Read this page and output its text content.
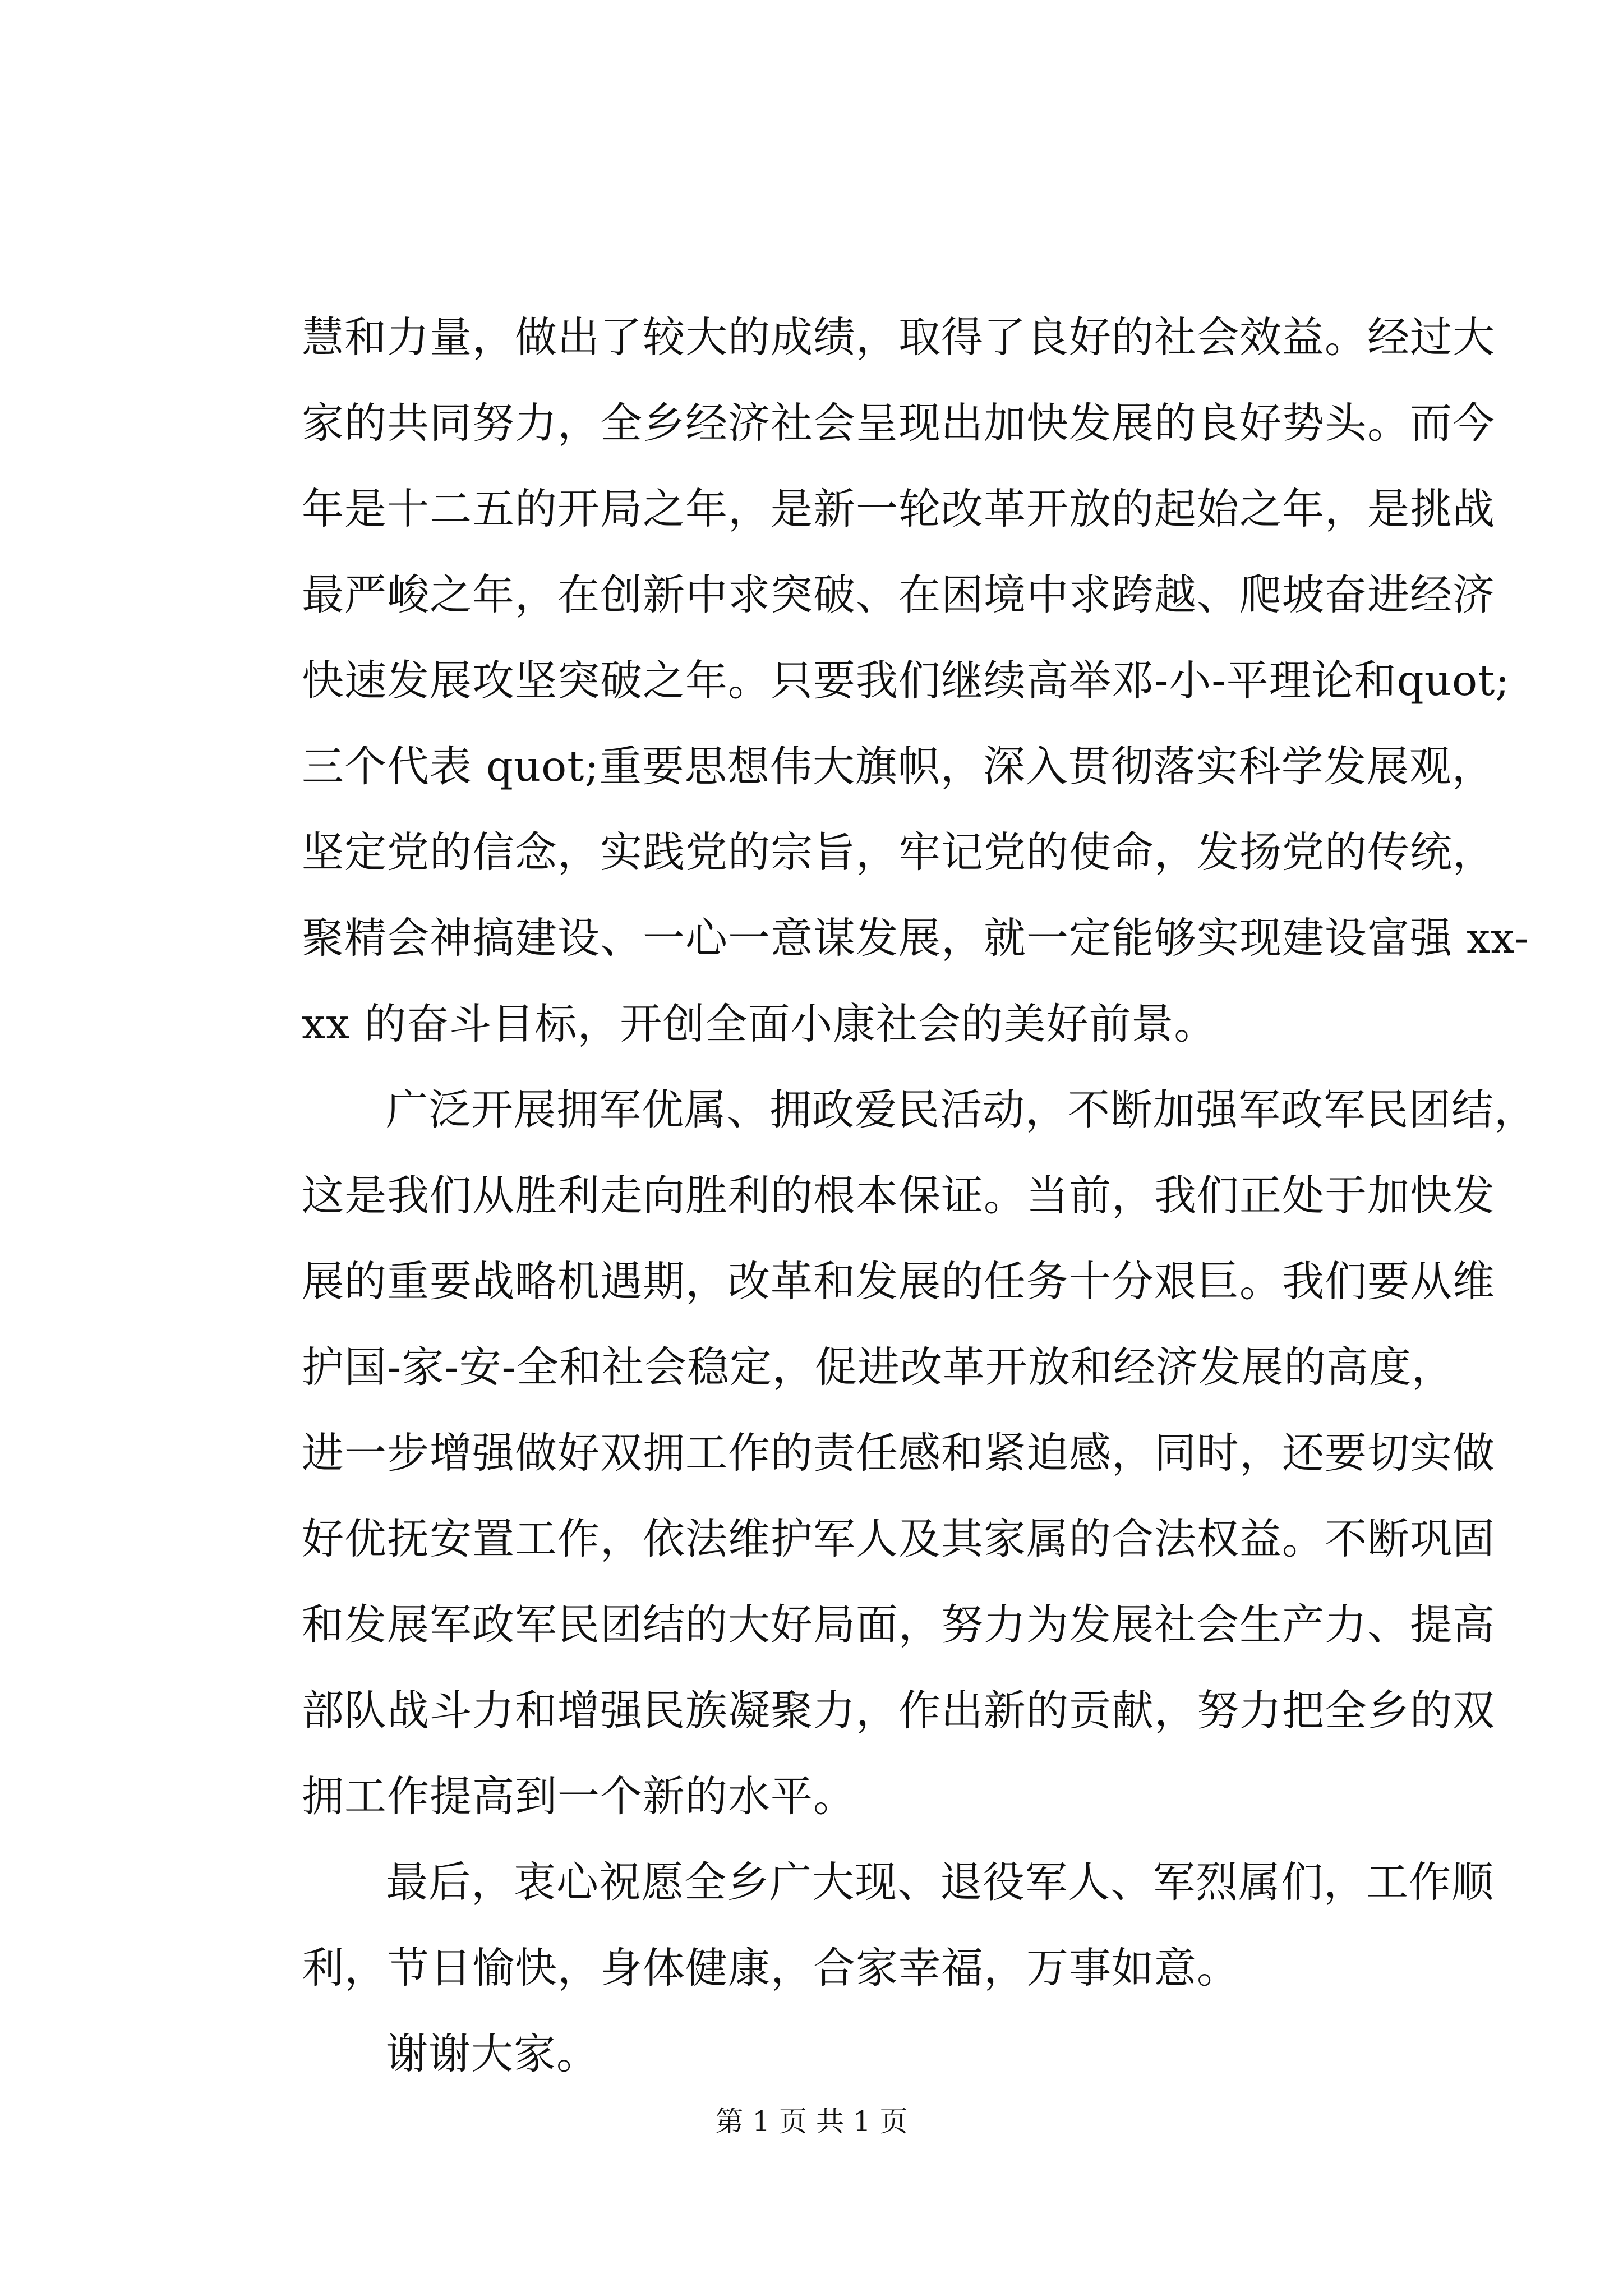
慧和力量，做出了较大的成绩，取得了良好的社会效益。经过大
家的共同努力，全乡经济社会呈现出加快发展的良好势头。而今
年是十二五的开局之年，是新一轮改革开放的起始之年，是挑战
最严峻之年，在创新中求突破、在困境中求跨越、爬坡奋进经济
快速发展攻坚突破之年。只要我们继续高举邓-小-平理论和quot;
三个代表 quot;重要思想伟大旗帜，深入贯彻落实科学发展观，
坚定党的信念，实践党的宗旨，牢记党的使命，发扬党的传统，
聚精会神搞建设、一心一意谋发展，就一定能够实现建设富强 xx-
xx 的奋斗目标，开创全面小康社会的美好前景。
广泛开展拥军优属、拥政爱民活动，不断加强军政军民团结，
这是我们从胜利走向胜利的根本保证。当前，我们正处于加快发
展的重要战略机遇期，改革和发展的任务十分艰巨。我们要从维
护国-家-安-全和社会稳定，促进改革开放和经济发展的高度，
进一步增强做好双拥工作的责任感和紧迫感，同时，还要切实做
好优抚安置工作，依法维护军人及其家属的合法权益。不断巩固
和发展军政军民团结的大好局面，努力为发展社会生产力、提高
部队战斗力和增强民族凝聚力，作出新的贡献，努力把全乡的双
拥工作提高到一个新的水平。
最后，衷心祝愿全乡广大现、退役军人、军烈属们，工作顺
利，节日愉快，身体健康，合家幸福，万事如意。
谢谢大家。
第 1 页 共 1 页
